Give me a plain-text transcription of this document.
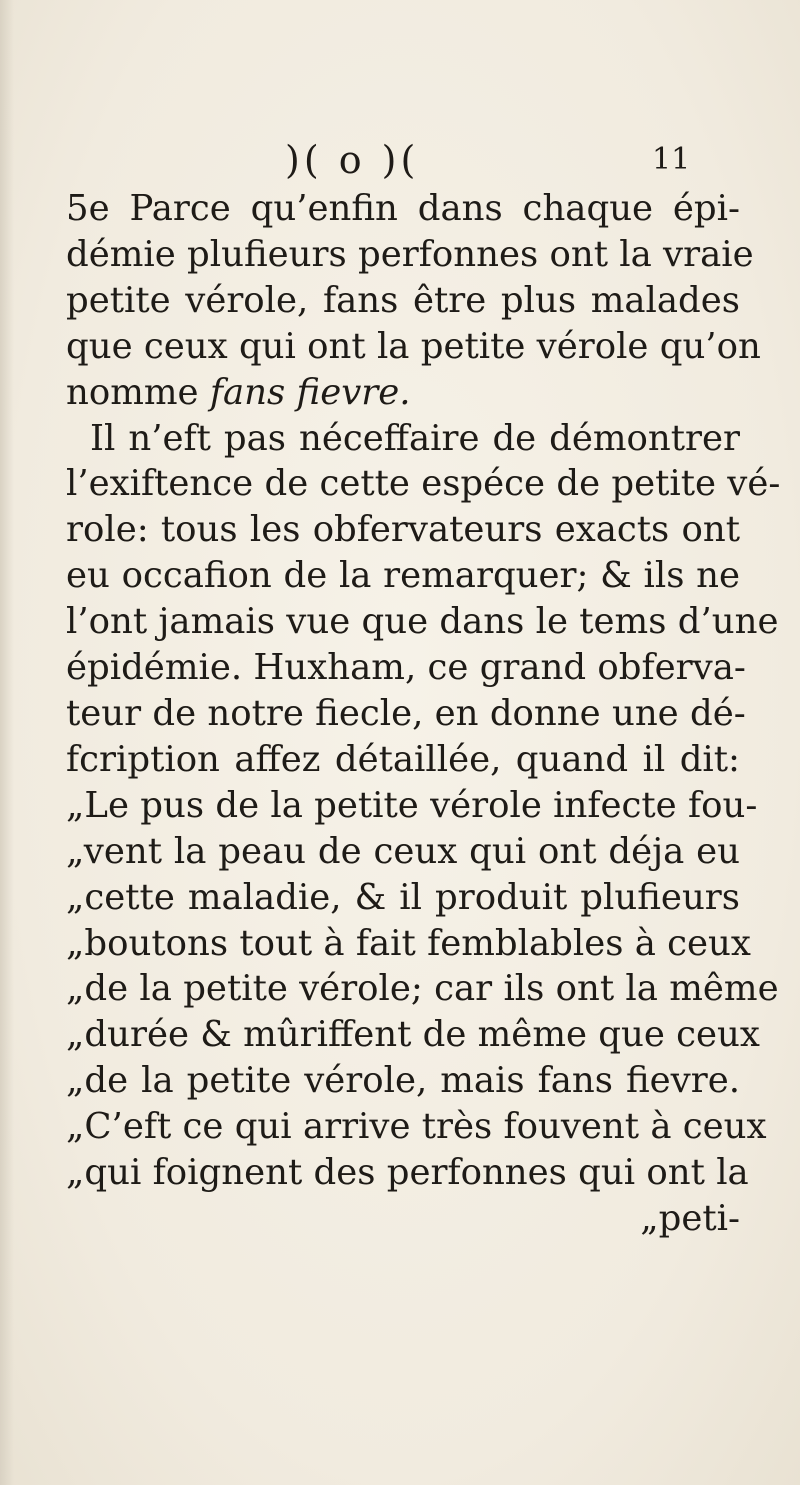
)( o )(	11
5e Parce qu’enfin dans chaque épi-
démie plufieurs perfonnes ont la vraie
petite vérole, fans être plus malades
que ceux qui ont la petite vérole qu’on
nomme fans fievre.
Il n’eft pas néceffaire de démontrer
l’exiftence de cette espéce de petite vé-
role: tous les obfervateurs exacts ont
eu occafion de la remarquer; & ils ne
l’ont jamais vue que dans le tems d’une
épidémie. Huxham, ce grand obferva-
teur de notre fiecle, en donne une dé-
fcription affez détaillée, quand il dit:
„Le pus de la petite vérole infecte fou-
„vent la peau de ceux qui ont déja eu
„cette maladie, & il produit plufieurs
„boutons tout à fait femblables à ceux
„de la petite vérole; car ils ont la même
„durée & mûriffent de même que ceux
„de la petite vérole, mais fans fievre.
„C’eft ce qui arrive très fouvent à ceux
„qui foignent des perfonnes qui ont la
„peti-
